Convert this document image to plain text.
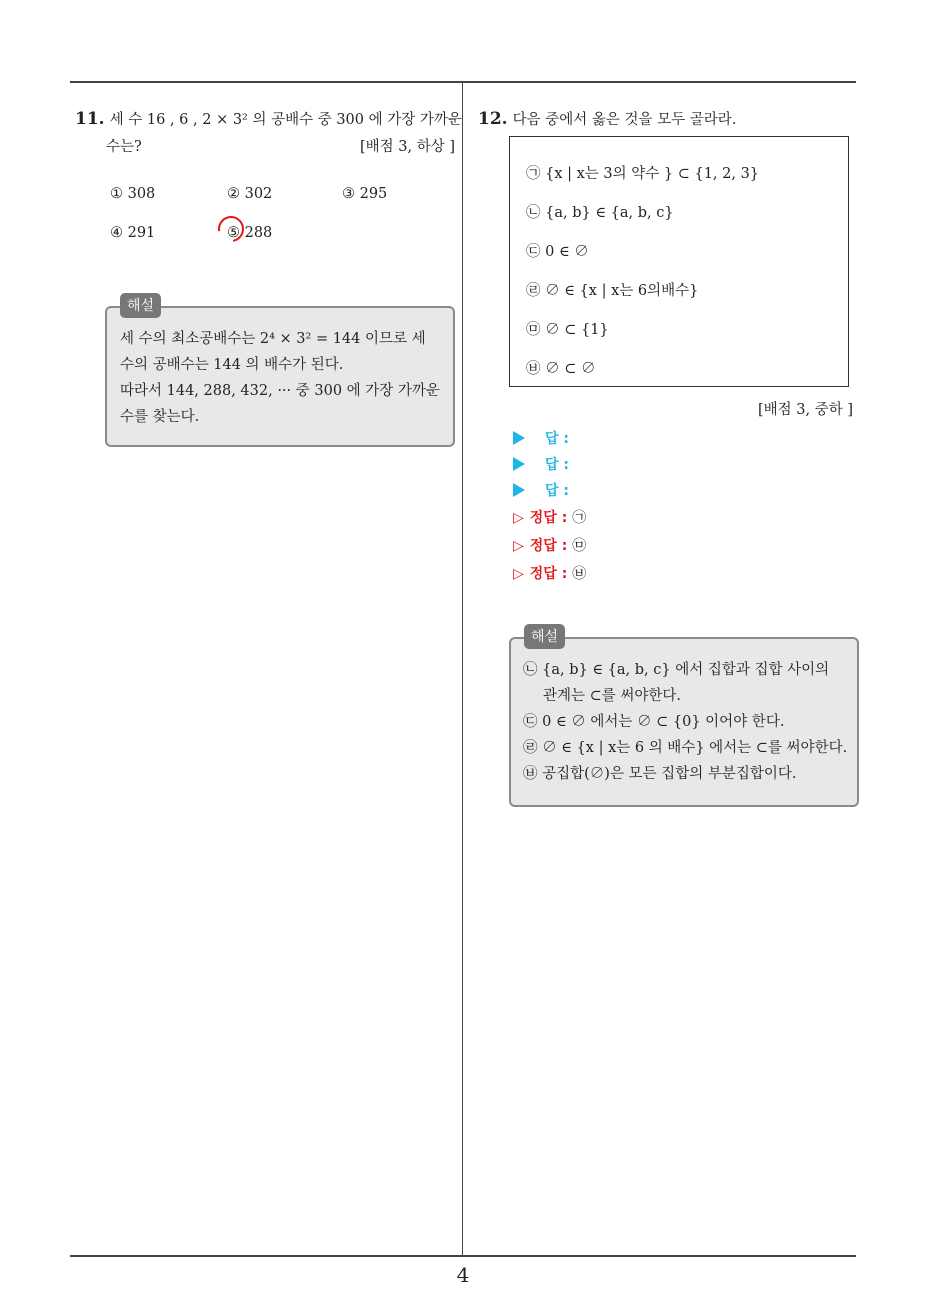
4
11. 세 수 16 , 6 , 2 × 3² 의 공배수 중 300 에 가장 가까운
수는?	[배점 3, 하상 ]
① 308	② 302	③ 295
④ 291	⑤ 288
세 수의 최소공배수는 2⁴ × 3² = 144 이므로 세
수의 공배수는 144 의 배수가 된다.
따라서 144, 288, 432, ··· 중 300 에 가장 가까운
수를 찾는다.
해설
12. 다음 중에서 옳은 것을 모두 골라라.
㉠ {x | x는 3의 약수 } ⊂ {1, 2, 3}
㉡ {a, b} ∈ {a, b, c}
㉢ 0 ∈ ∅
㉣ ∅ ∈ {x | x는 6의배수}
㉤ ∅ ⊂ {1}
㉥ ∅ ⊂ ∅
[배점 3, 중하 ]
답 :
답 :
답 :
▷ 정답 : ㉠
▷ 정답 : ㉤
▷ 정답 : ㉥
㉡ {a, b} ∈ {a, b, c} 에서 집합과 집합 사이의
관계는 ⊂를 써야한다.
㉢ 0 ∈ ∅ 에서는 ∅ ⊂ {0} 이어야 한다.
㉣ ∅ ∈ {x | x는 6 의 배수} 에서는 ⊂를 써야한다.
㉥ 공집합(∅)은 모든 집합의 부분집합이다.
해설
